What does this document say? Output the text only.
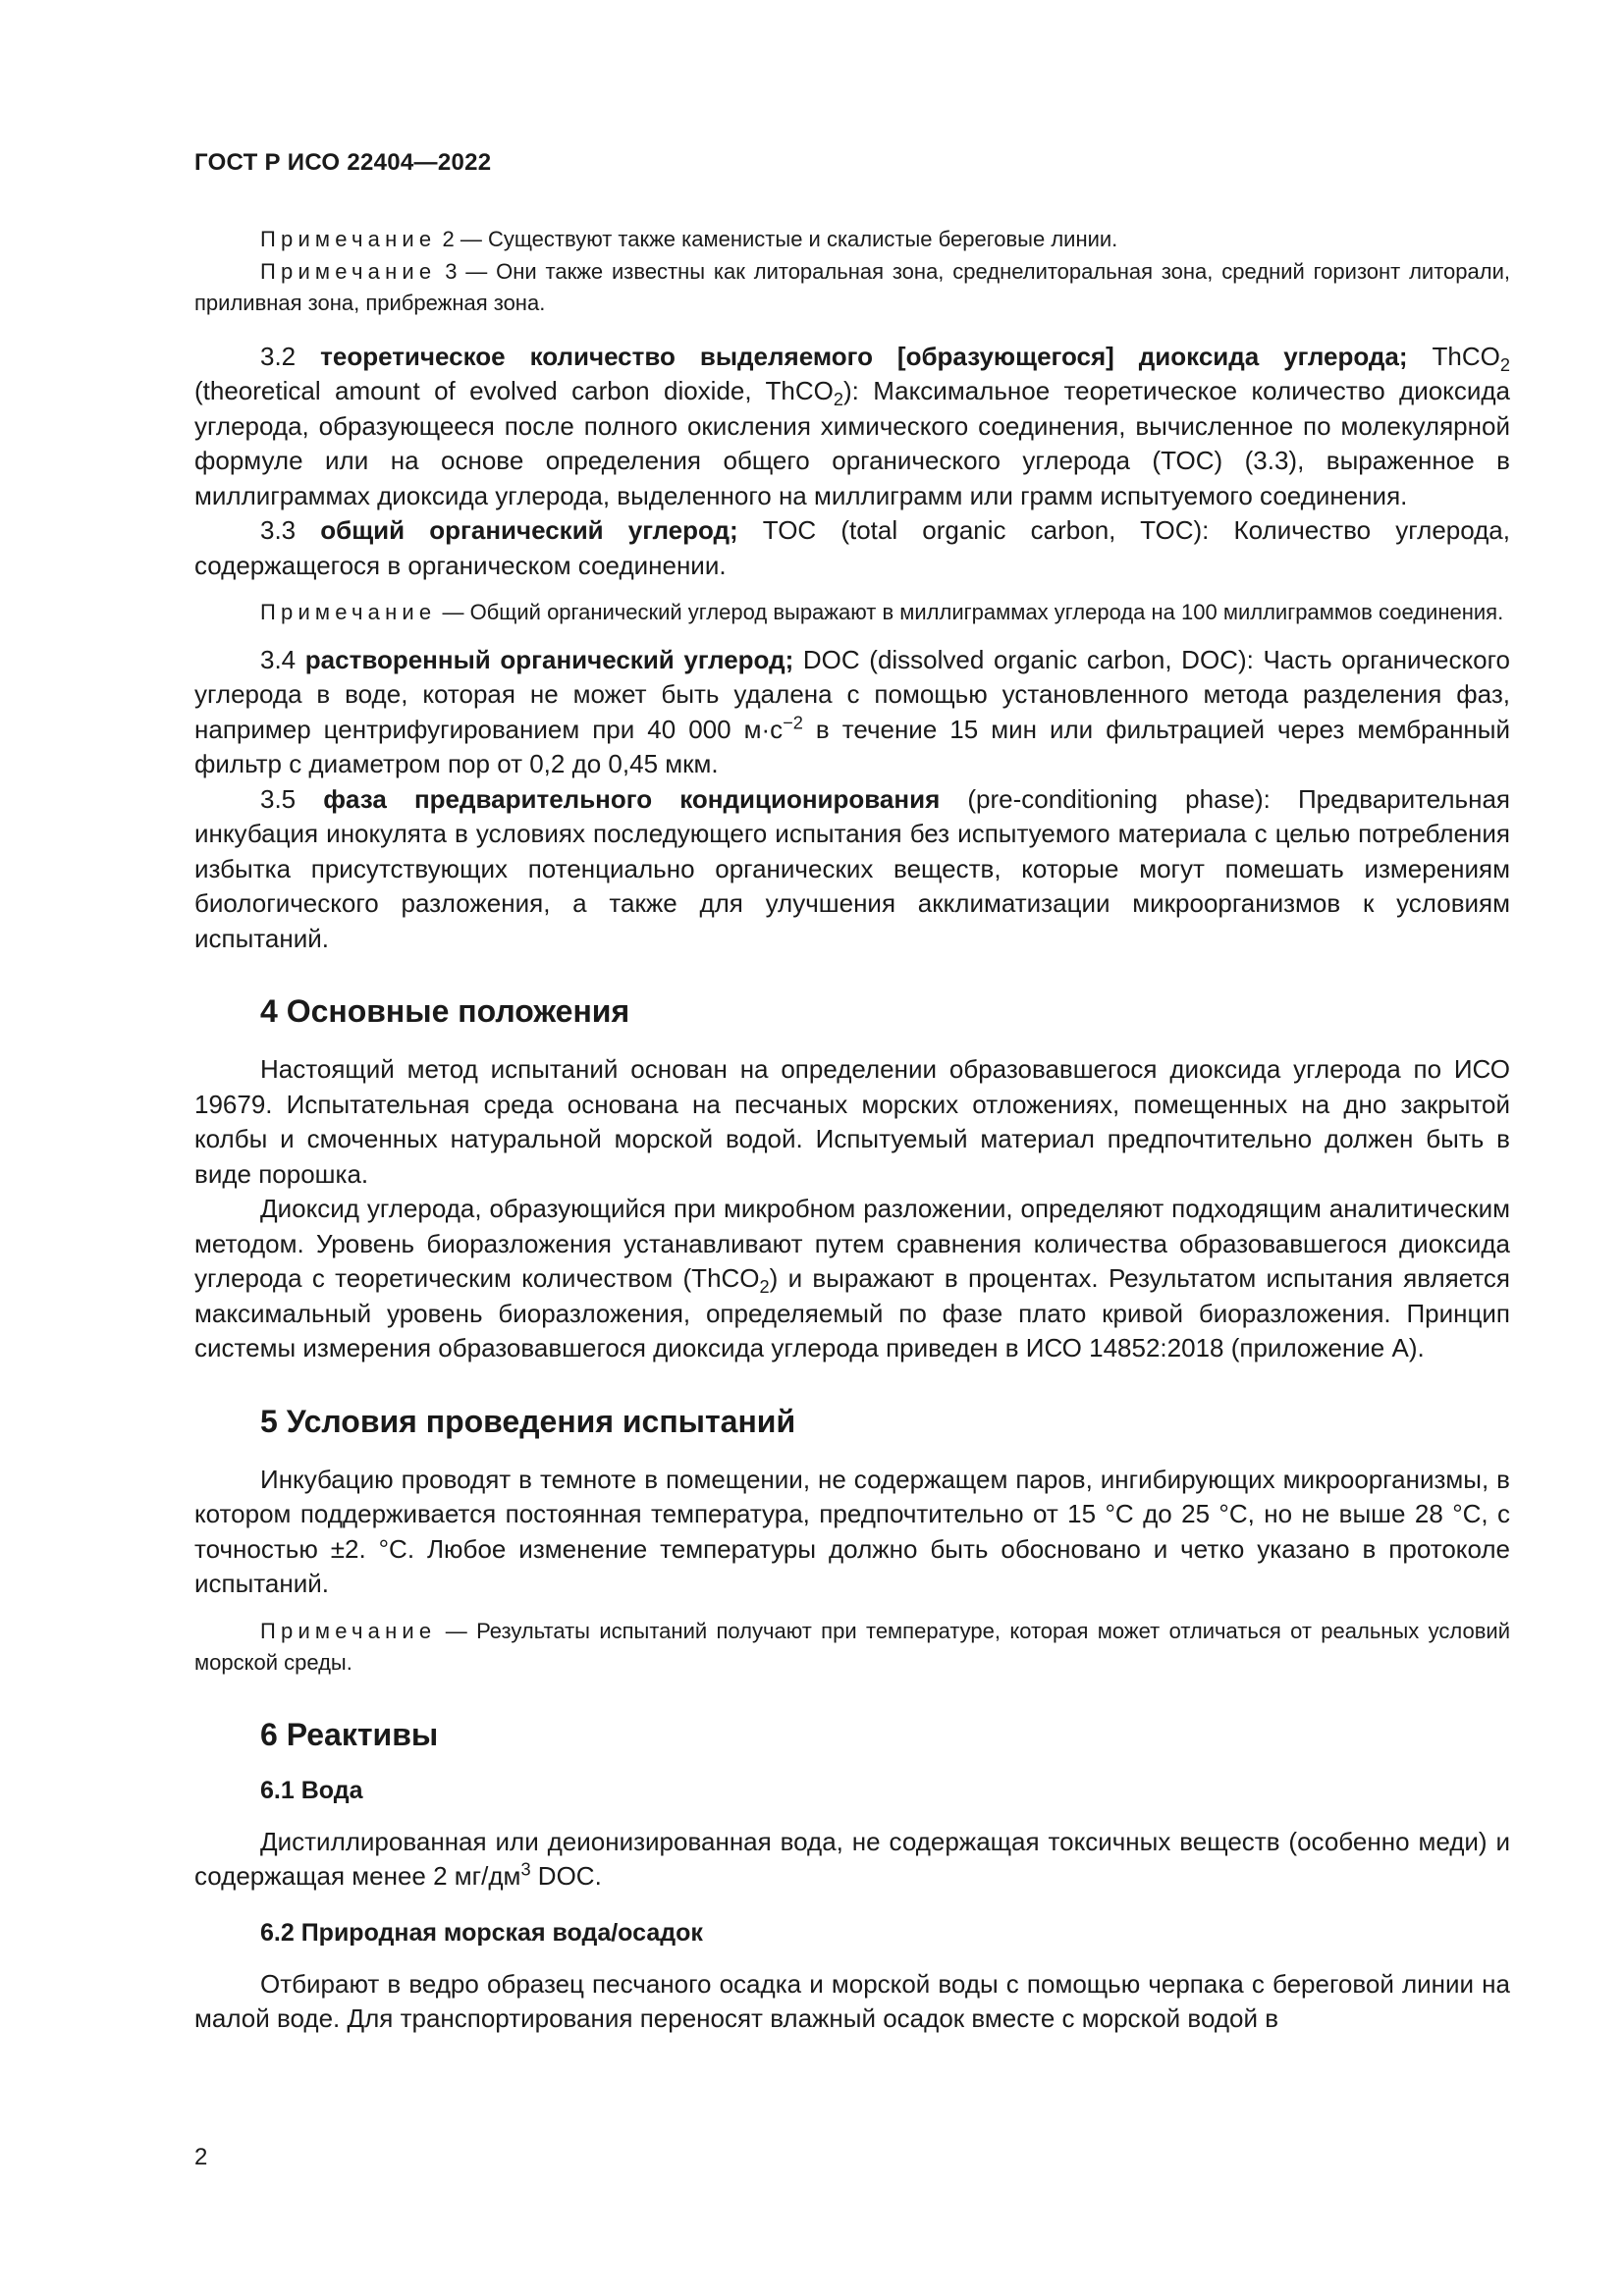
ГОСТ Р ИСО 22404—2022

Примечание 2 — Существуют также каменистые и скалистые береговые линии.

Примечание 3 — Они также известны как литоральная зона, среднелиторальная зона, средний горизонт литорали, приливная зона, прибрежная зона.

3.2 теоретическое количество выделяемого [образующегося] диоксида углерода; ThCO$_2$ (theoretical amount of evolved carbon dioxide, ThCO$_2$): Максимальное теоретическое количество диоксида углерода, образующееся после полного окисления химического соединения, вычисленное по молекулярной формуле или на основе определения общего органического углерода (TOC) (3.3), выраженное в миллиграммах диоксида углерода, выделенного на миллиграмм или грамм испытуемого соединения.

3.3 общий органический углерод; TOC (total organic carbon, TOC): Количество углерода, содержащегося в органическом соединении.

Примечание — Общий органический углерод выражают в миллиграммах углерода на 100 миллиграммов соединения.

3.4 растворенный органический углерод; DOC (dissolved organic carbon, DOC): Часть органического углерода в воде, которая не может быть удалена с помощью установленного метода разделения фаз, например центрифугированием при 40 000 $м\cdot с^{-2}$ в течение 15 мин или фильтрацией через мембранный фильтр с диаметром пор от 0,2 до 0,45 мкм.

3.5 фаза предварительного кондиционирования (pre-conditioning phase): Предварительная инкубация инокулята в условиях последующего испытания без испытуемого материала с целью потребления избытка присутствующих потенциально органических веществ, которые могут помешать измерениям биологического разложения, а также для улучшения акклиматизации микроорганизмов к условиям испытаний.

4 Основные положения

Настоящий метод испытаний основан на определении образовавшегося диоксида углерода по ИСО 19679. Испытательная среда основана на песчаных морских отложениях, помещенных на дно закрытой колбы и смоченных натуральной морской водой. Испытуемый материал предпочтительно должен быть в виде порошка.

Диоксид углерода, образующийся при микробном разложении, определяют подходящим аналитическим методом. Уровень биоразложения устанавливают путем сравнения количества образовавшегося диоксида углерода с теоретическим количеством (ThCO$_2$) и выражают в процентах. Результатом испытания является максимальный уровень биоразложения, определяемый по фазе плато кривой биоразложения. Принцип системы измерения образовавшегося диоксида углерода приведен в ИСО 14852:2018 (приложение А).

5 Условия проведения испытаний

Инкубацию проводят в темноте в помещении, не содержащем паров, ингибирующих микроорганизмы, в котором поддерживается постоянная температура, предпочтительно от 15 °C до 25 °C, но не выше 28 °C, с точностью ±2. °C. Любое изменение температуры должно быть обосновано и четко указано в протоколе испытаний.

Примечание — Результаты испытаний получают при температуре, которая может отличаться от реальных условий морской среды.

6 Реактивы
6.1 Вода

Дистиллированная или деионизированная вода, не содержащая токсичных веществ (особенно меди) и содержащая менее 2 $мг/дм^3$ DOC.

6.2 Природная морская вода/осадок

Отбирают в ведро образец песчаного осадка и морской воды с помощью черпака с береговой линии на малой воде. Для транспортирования переносят влажный осадок вместе с морской водой в

2
